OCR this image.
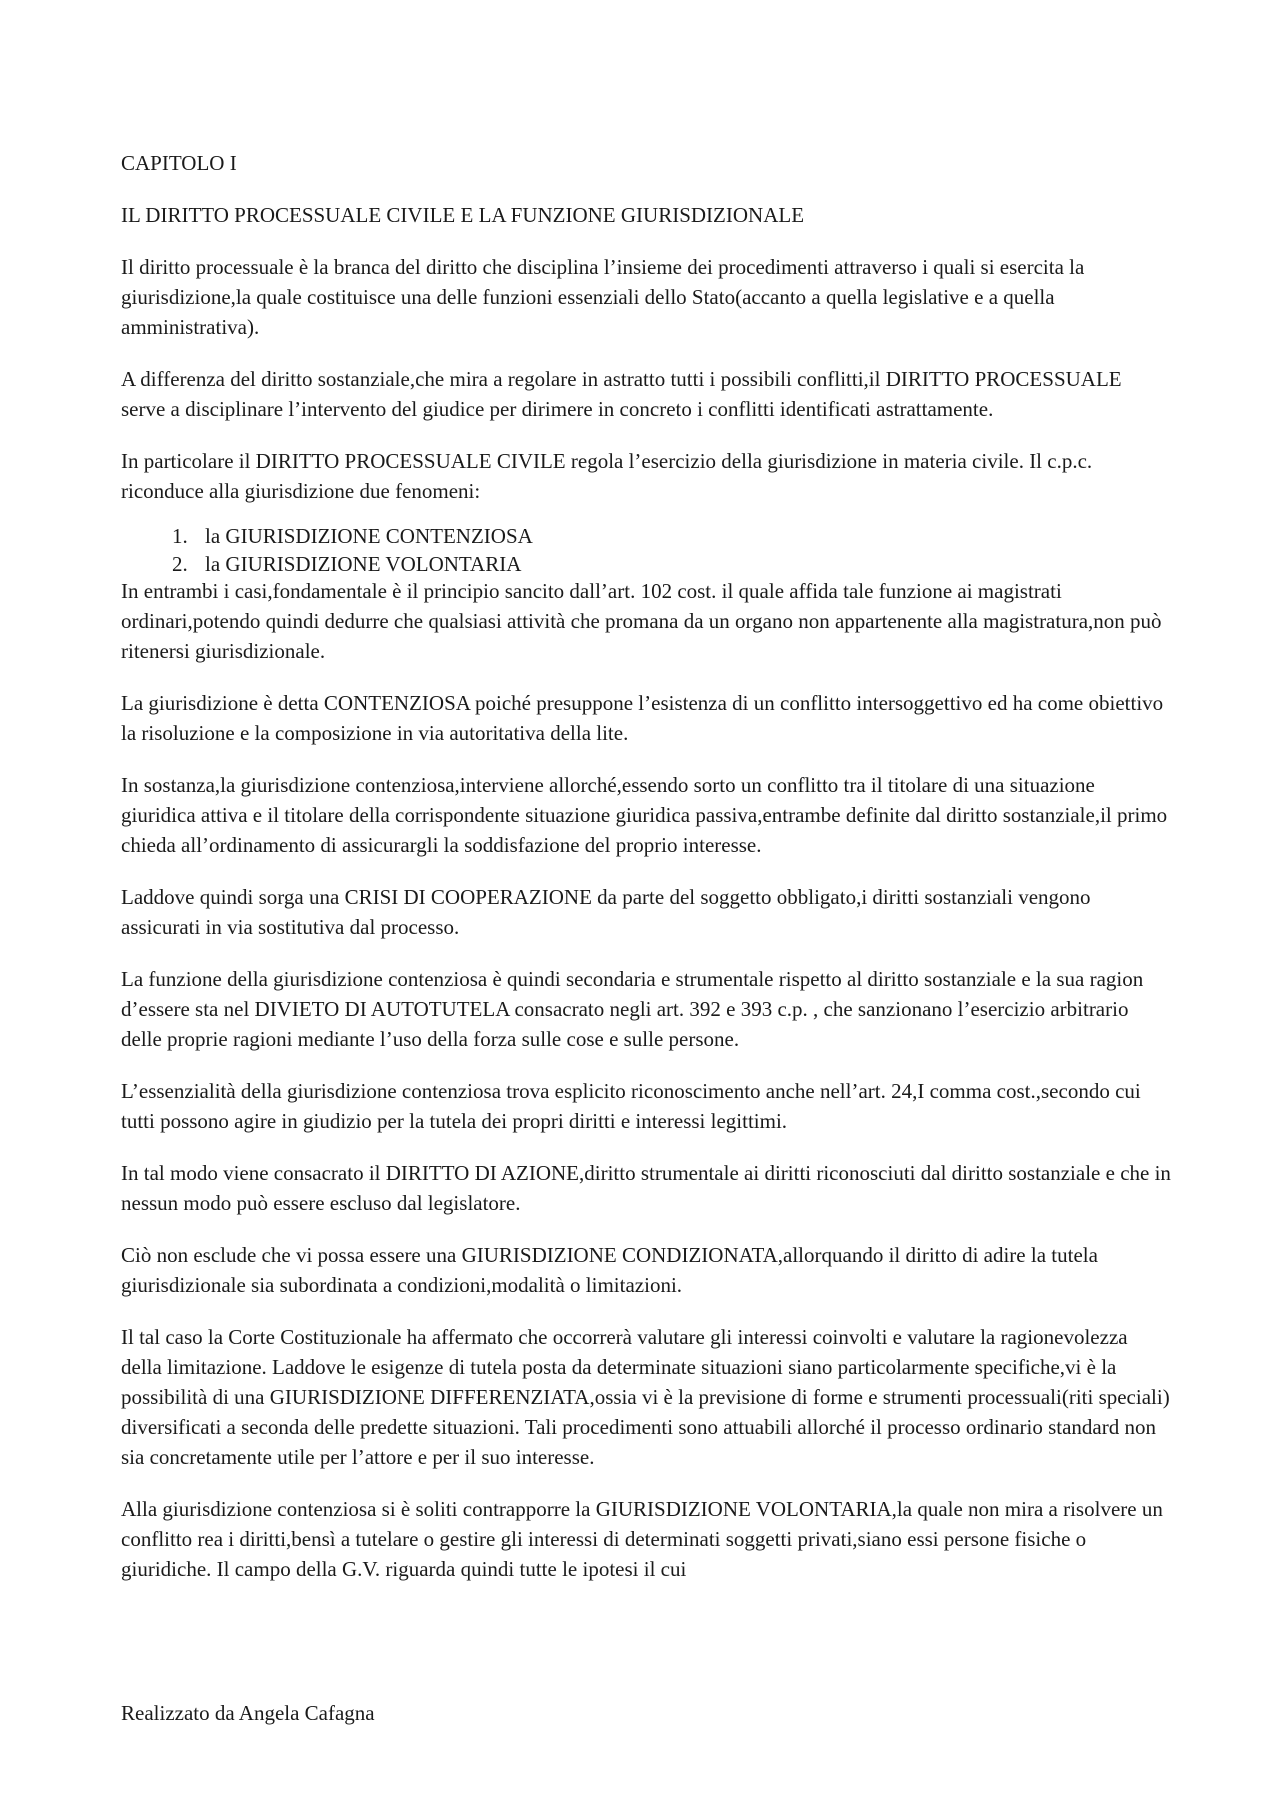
CAPITOLO I

IL DIRITTO PROCESSUALE CIVILE E LA FUNZIONE GIURISDIZIONALE

Il diritto processuale è la branca del diritto che disciplina l’insieme dei procedimenti attraverso i quali si esercita la giurisdizione,la quale costituisce una delle funzioni essenziali dello Stato(accanto a quella legislative e a quella amministrativa).

A differenza del diritto sostanziale,che mira a regolare in astratto tutti i possibili conflitti,il DIRITTO PROCESSUALE serve a disciplinare l’intervento del giudice per dirimere in concreto i conflitti identificati astrattamente.

In particolare il DIRITTO PROCESSUALE CIVILE regola l’esercizio della giurisdizione in materia civile. Il c.p.c. riconduce alla giurisdizione due fenomeni:

1. la GIURISDIZIONE CONTENZIOSA
2. la GIURISDIZIONE VOLONTARIA

In entrambi i casi,fondamentale è il principio sancito dall’art. 102 cost. il quale affida tale funzione ai magistrati ordinari,potendo quindi dedurre che qualsiasi attività che promana da un organo non appartenente alla magistratura,non può ritenersi giurisdizionale.

La giurisdizione è detta CONTENZIOSA poiché presuppone l’esistenza di un conflitto intersoggettivo ed ha come obiettivo la risoluzione e la composizione in via autoritativa della lite.

In sostanza,la giurisdizione contenziosa,interviene allorché,essendo sorto un conflitto tra il titolare di una situazione giuridica attiva e il titolare della corrispondente situazione giuridica passiva,entrambe definite dal diritto sostanziale,il primo chieda all’ordinamento di assicurargli la soddisfazione del proprio interesse.

Laddove quindi sorga una CRISI DI COOPERAZIONE da parte del soggetto obbligato,i diritti sostanziali vengono assicurati in via sostitutiva dal processo.

La funzione della giurisdizione contenziosa è quindi secondaria e strumentale rispetto al diritto sostanziale e la sua ragion d’essere sta nel DIVIETO DI AUTOTUTELA consacrato negli art. 392 e 393 c.p. , che sanzionano l’esercizio arbitrario delle proprie ragioni mediante l’uso della forza sulle cose e sulle persone.

L’essenzialità della giurisdizione contenziosa trova esplicito riconoscimento anche nell’art. 24,I comma cost.,secondo cui tutti possono agire in giudizio per la tutela dei propri diritti e interessi legittimi.

In tal modo viene consacrato il DIRITTO DI AZIONE,diritto strumentale ai diritti riconosciuti dal diritto sostanziale e che in nessun modo può essere escluso dal legislatore.

Ciò non esclude che vi possa essere una GIURISDIZIONE CONDIZIONATA,allorquando il diritto di adire la tutela giurisdizionale sia subordinata a condizioni,modalità o limitazioni.

Il tal caso la Corte Costituzionale ha affermato che occorrerà valutare gli interessi coinvolti e valutare la ragionevolezza della limitazione. Laddove le esigenze di tutela posta da determinate situazioni siano particolarmente specifiche,vi è la possibilità di una GIURISDIZIONE DIFFERENZIATA,ossia vi è la previsione di forme e strumenti processuali(riti speciali) diversificati a seconda delle predette situazioni. Tali procedimenti sono attuabili allorché il processo ordinario standard non sia concretamente utile per l’attore e per il suo interesse.

Alla giurisdizione contenziosa si è soliti contrapporre la GIURISDIZIONE VOLONTARIA,la quale non mira a risolvere un conflitto rea i diritti,bensì a tutelare o gestire gli interessi di determinati soggetti privati,siano essi persone fisiche o giuridiche. Il campo della G.V. riguarda quindi tutte le ipotesi il cui

Realizzato da Angela Cafagna
